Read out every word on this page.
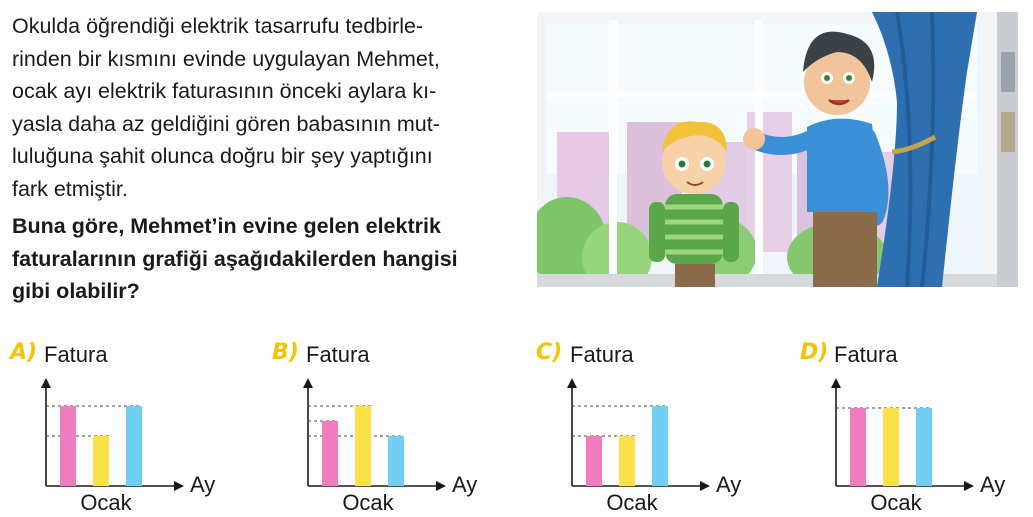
Okulda öğrendiği elektrik tasarrufu tedbirle-
rinden bir kısmını evinde uygulayan Mehmet,
ocak ayı elektrik faturasının önceki aylara kı-
yasla daha az geldiğini gören babasının mut-
luluğuna şahit olunca doğru bir şey yaptığını
fark etmiştir.
Buna göre, Mehmet’in evine gelen elektrik
faturalarının grafiği aşağıdakilerden hangisi
gibi olabilir?
A) Fatura
Ocak
Ay
B) Fatura
Ocak
Ay
C) Fatura
Ocak
Ay
D) Fatura
Ocak
Ay
